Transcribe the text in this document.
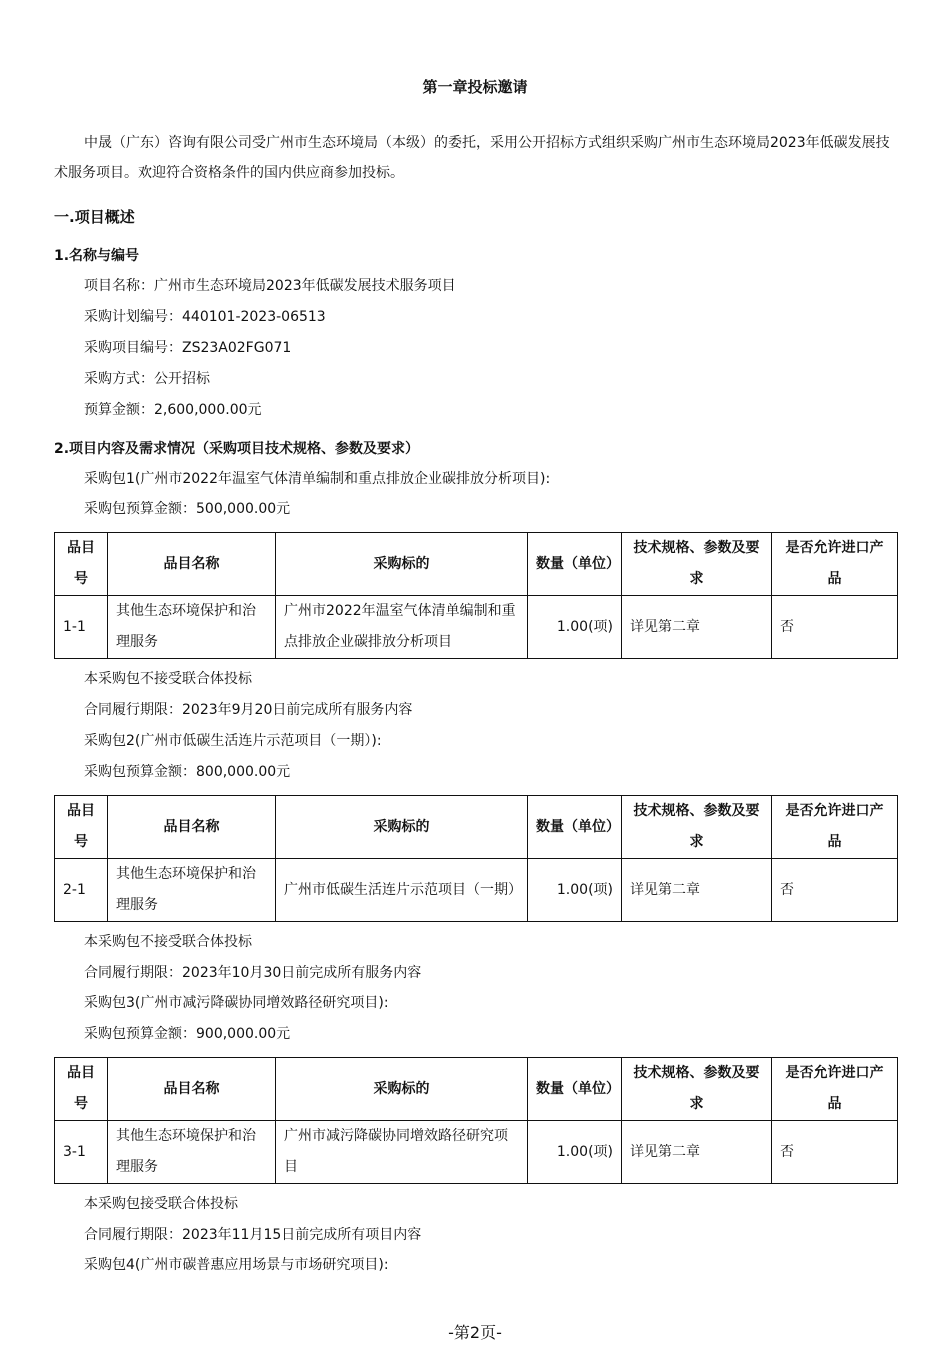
第一章投标邀请

中晟（广东）咨询有限公司受广州市生态环境局（本级）的委托，采用公开招标方式组织采购广州市生态环境局2023年低碳发展技术服务项目。欢迎符合资格条件的国内供应商参加投标。

一.项目概述
1.名称与编号
项目名称：广州市生态环境局2023年低碳发展技术服务项目
采购计划编号：440101-2023-06513
采购项目编号：ZS23A02FG071
采购方式：公开招标
预算金额：2,600,000.00元
2.项目内容及需求情况（采购项目技术规格、参数及要求）
采购包1(广州市2022年温室气体清单编制和重点排放企业碳排放分析项目):
采购包预算金额：500,000.00元
品目号	品目名称	采购标的	数量（单位）	技术规格、参数及要求	是否允许进口产品
1-1	其他生态环境保护和治理服务	广州市2022年温室气体清单编制和重点排放企业碳排放分析项目	1.00(项)	详见第二章	否
本采购包不接受联合体投标
合同履行期限：2023年9月20日前完成所有服务内容
采购包2(广州市低碳生活连片示范项目（一期）):
采购包预算金额：800,000.00元
品目号	品目名称	采购标的	数量（单位）	技术规格、参数及要求	是否允许进口产品
2-1	其他生态环境保护和治理服务	广州市低碳生活连片示范项目（一期）	1.00(项)	详见第二章	否
本采购包不接受联合体投标
合同履行期限：2023年10月30日前完成所有服务内容
采购包3(广州市减污降碳协同增效路径研究项目):
采购包预算金额：900,000.00元
品目号	品目名称	采购标的	数量（单位）	技术规格、参数及要求	是否允许进口产品
3-1	其他生态环境保护和治理服务	广州市减污降碳协同增效路径研究项目	1.00(项)	详见第二章	否
本采购包接受联合体投标
合同履行期限：2023年11月15日前完成所有项目内容
采购包4(广州市碳普惠应用场景与市场研究项目):
-第2页-
